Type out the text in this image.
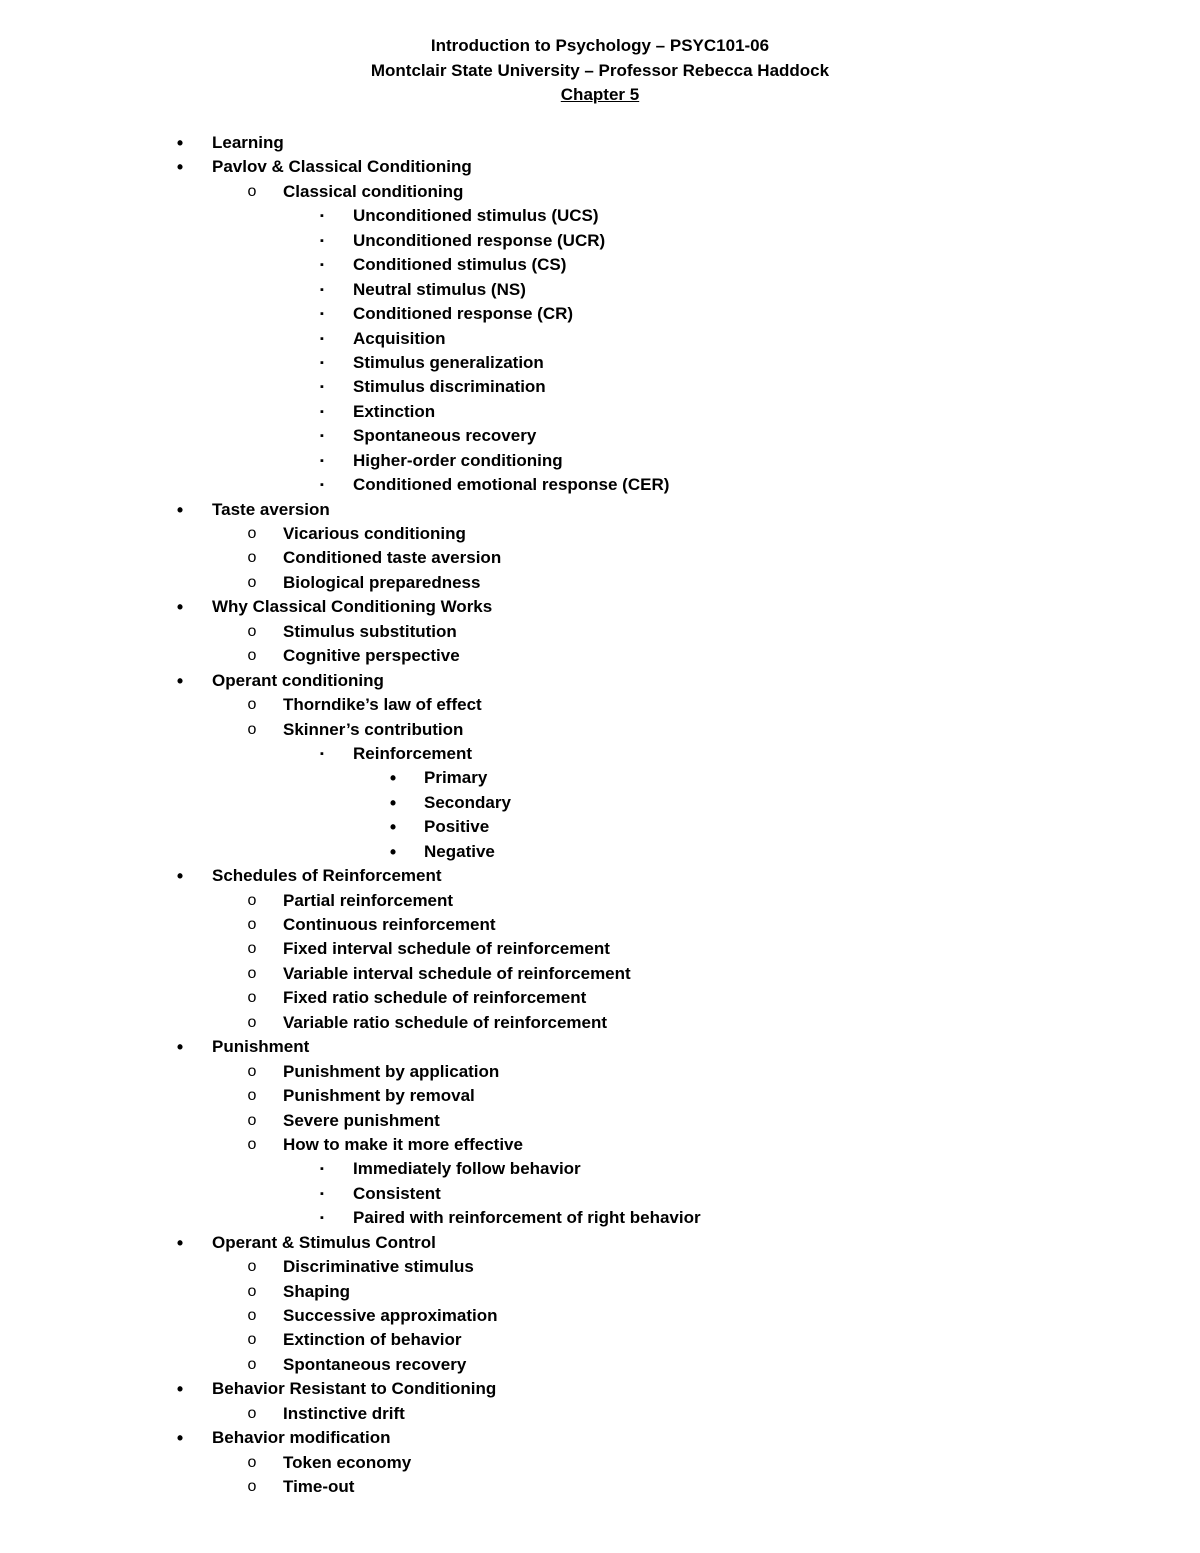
Introduction to Psychology – PSYC101-06
Montclair State University – Professor Rebecca Haddock
Chapter 5
•	Learning
•	Pavlov & Classical Conditioning
o	Classical conditioning
▪	Unconditioned stimulus (UCS)
▪	Unconditioned response (UCR)
▪	Conditioned stimulus (CS)
▪	Neutral stimulus (NS)
▪	Conditioned response (CR)
▪	Acquisition
▪	Stimulus generalization
▪	Stimulus discrimination
▪	Extinction
▪	Spontaneous recovery
▪	Higher-order conditioning
▪	Conditioned emotional response (CER)
•	Taste aversion
o	Vicarious conditioning
o	Conditioned taste aversion
o	Biological preparedness
•	Why Classical Conditioning Works
o	Stimulus substitution
o	Cognitive perspective
•	Operant conditioning
o	Thorndike’s law of effect
o	Skinner’s contribution
▪	Reinforcement
•	Primary
•	Secondary
•	Positive
•	Negative
•	Schedules of Reinforcement
o	Partial reinforcement
o	Continuous reinforcement
o	Fixed interval schedule of reinforcement
o	Variable interval schedule of reinforcement
o	Fixed ratio schedule of reinforcement
o	Variable ratio schedule of reinforcement
•	Punishment
o	Punishment by application
o	Punishment by removal
o	Severe punishment
o	How to make it more effective
▪	Immediately follow behavior
▪	Consistent
▪	Paired with reinforcement of right behavior
•	Operant & Stimulus Control
o	Discriminative stimulus
o	Shaping
o	Successive approximation
o	Extinction of behavior
o	Spontaneous recovery
•	Behavior Resistant to Conditioning
o	Instinctive drift
•	Behavior modification
o	Token economy
o	Time-out
